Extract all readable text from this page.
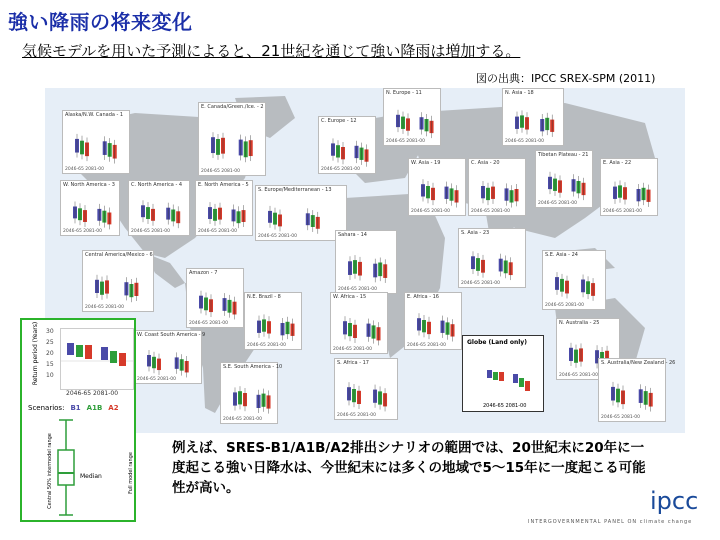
強い降雨の将来変化
気候モデルを用いた予測によると、21世紀を通じて強い降雨は増加する。
図の出典：IPCC SREX-SPM (2011)
Alaska/N.W. Canada - 1
2046-65 2081-00
E. Canada/Green./Ice. - 2
2046-65 2081-00
N. Europe - 11
2046-65 2081-00
N. Asia - 18
2046-65 2081-00
C. Europe - 12
2046-65 2081-00
W. Asia - 19
2046-65 2081-00
C. Asia - 20
2046-65 2081-00
Tibetan Plateau - 21
2046-65 2081-00
E. Asia - 22
2046-65 2081-00
W. North America - 3
2046-65 2081-00
C. North America - 4
2046-65 2081-00
E. North America - 5
2046-65 2081-00
S. Europe/Mediterranean - 13
2046-65 2081-00	Sahara - 14
2046-65 2081-00
S. Asia - 23
2046-65 2081-00
S.E. Asia - 24
2046-65 2081-00
Central America/Mexico - 6
2046-65 2081-00
Amazon - 7
2046-65 2081-00
N.E. Brazil - 8
2046-65 2081-00
W. Africa - 15
2046-65 2081-00
E. Africa - 16
2046-65 2081-00
N. Australia - 25
2046-65 2081-00
W. Coast South America - 9
2046-65 2081-00
S.E. South America - 10
2046-65 2081-00
S. Africa - 17
2046-65 2081-00
S. Australia/New Zealand - 26
2046-65 2081-00
Globe (Land only)
2046-65 2081-00
Return period (Years) 30
25
20
15
10
2046-65 2081-00
Scenarios: B1 A1B A2
Central 50% intermodel range	Median	Full model range
例えば、SRES-B1/A1B/A2排出シナリオの範囲では、20世紀末に20年に一度起こる強い日降水は、今世紀末には多くの地域で5～15年に一度起こる可能性が高い。	ipcc
INTERGOVERNMENTAL PANEL ON climate change
